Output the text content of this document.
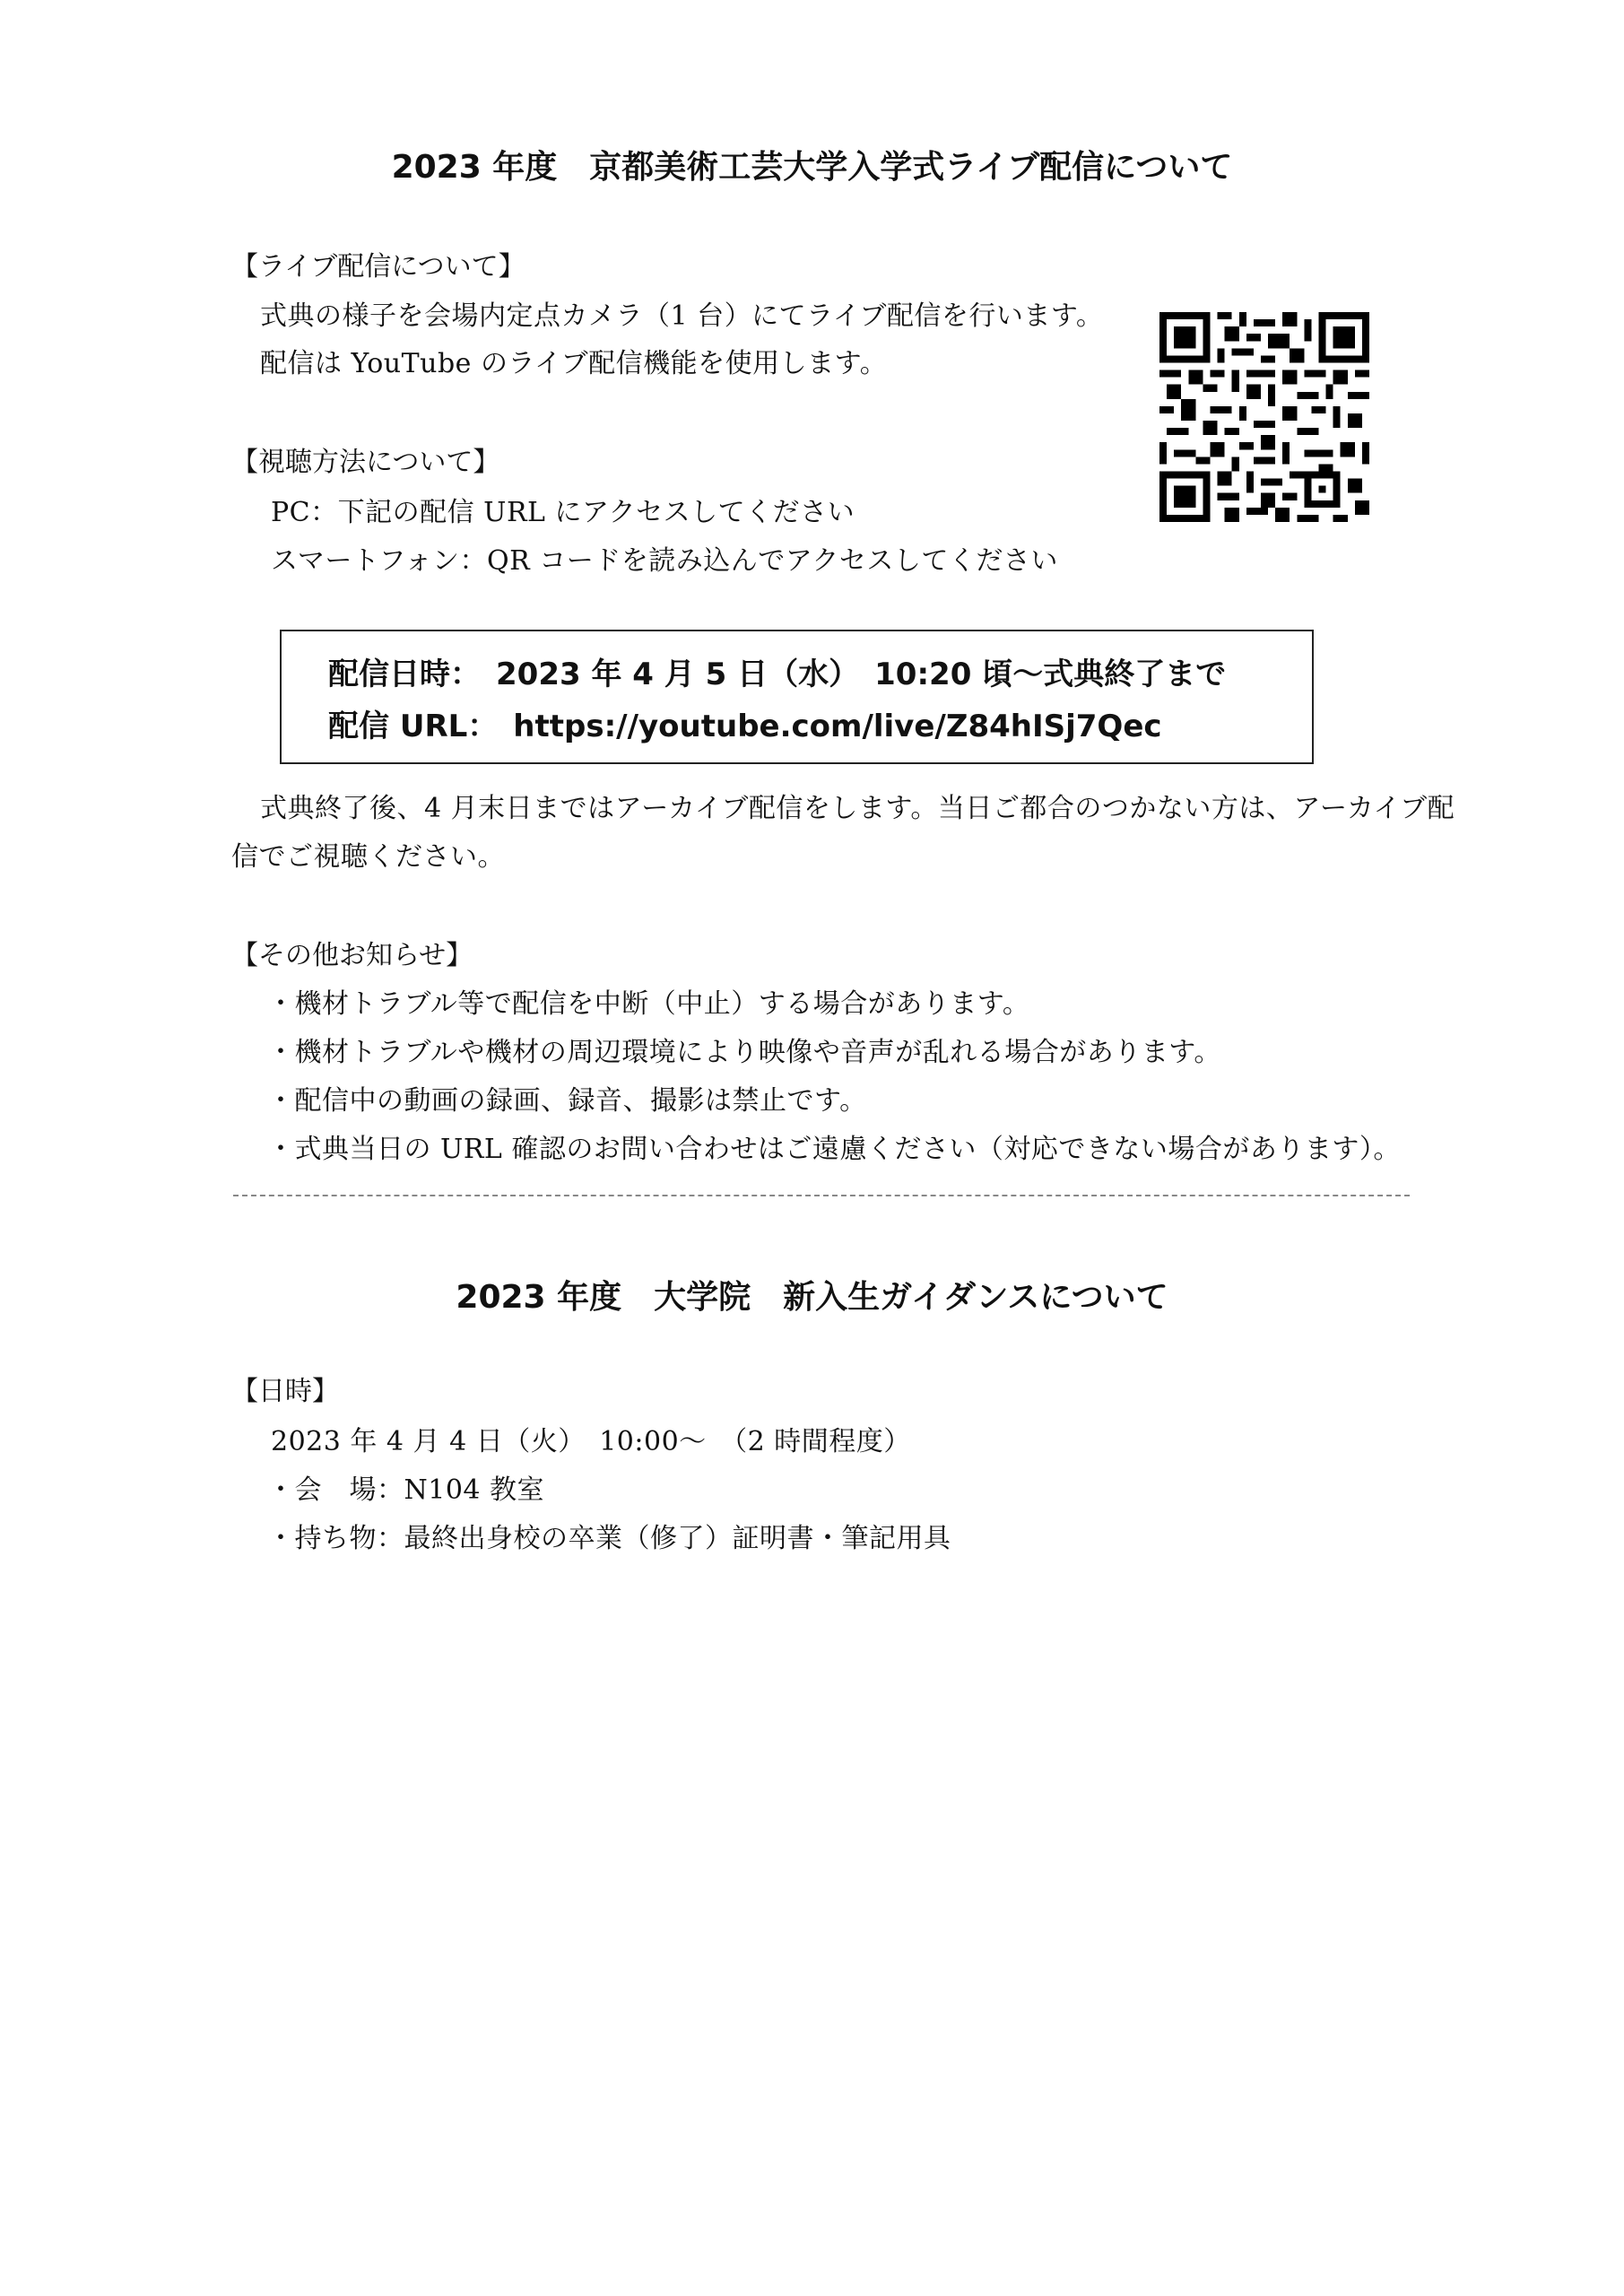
2023 年度　京都美術工芸大学入学式ライブ配信について
【ライブ配信について】
式典の様子を会場内定点カメラ（1 台）にてライブ配信を行います。
配信は YouTube のライブ配信機能を使用します。
【視聴方法について】
PC：下記の配信 URL にアクセスしてください
スマートフォン：QR コードを読み込んでアクセスしてください
配信日時：　2023 年 4 月 5 日（水）　10:20 頃～式典終了まで
配信 URL：　https://youtube.com/live/Z84hISj7Qec
式典終了後、4 月末日まではアーカイブ配信をします。当日ご都合のつかない方は、アーカイブ配
信でご視聴ください。
【その他お知らせ】
・機材トラブル等で配信を中断（中止）する場合があります。
・機材トラブルや機材の周辺環境により映像や音声が乱れる場合があります。
・配信中の動画の録画、録音、撮影は禁止です。
・式典当日の URL 確認のお問い合わせはご遠慮ください（対応できない場合があります）。
2023 年度　大学院　新入生ガイダンスについて
【日時】
2023 年 4 月 4 日（火）　10:00～　（2 時間程度）
・会　場：N104 教室
・持ち物：最終出身校の卒業（修了）証明書・筆記用具
